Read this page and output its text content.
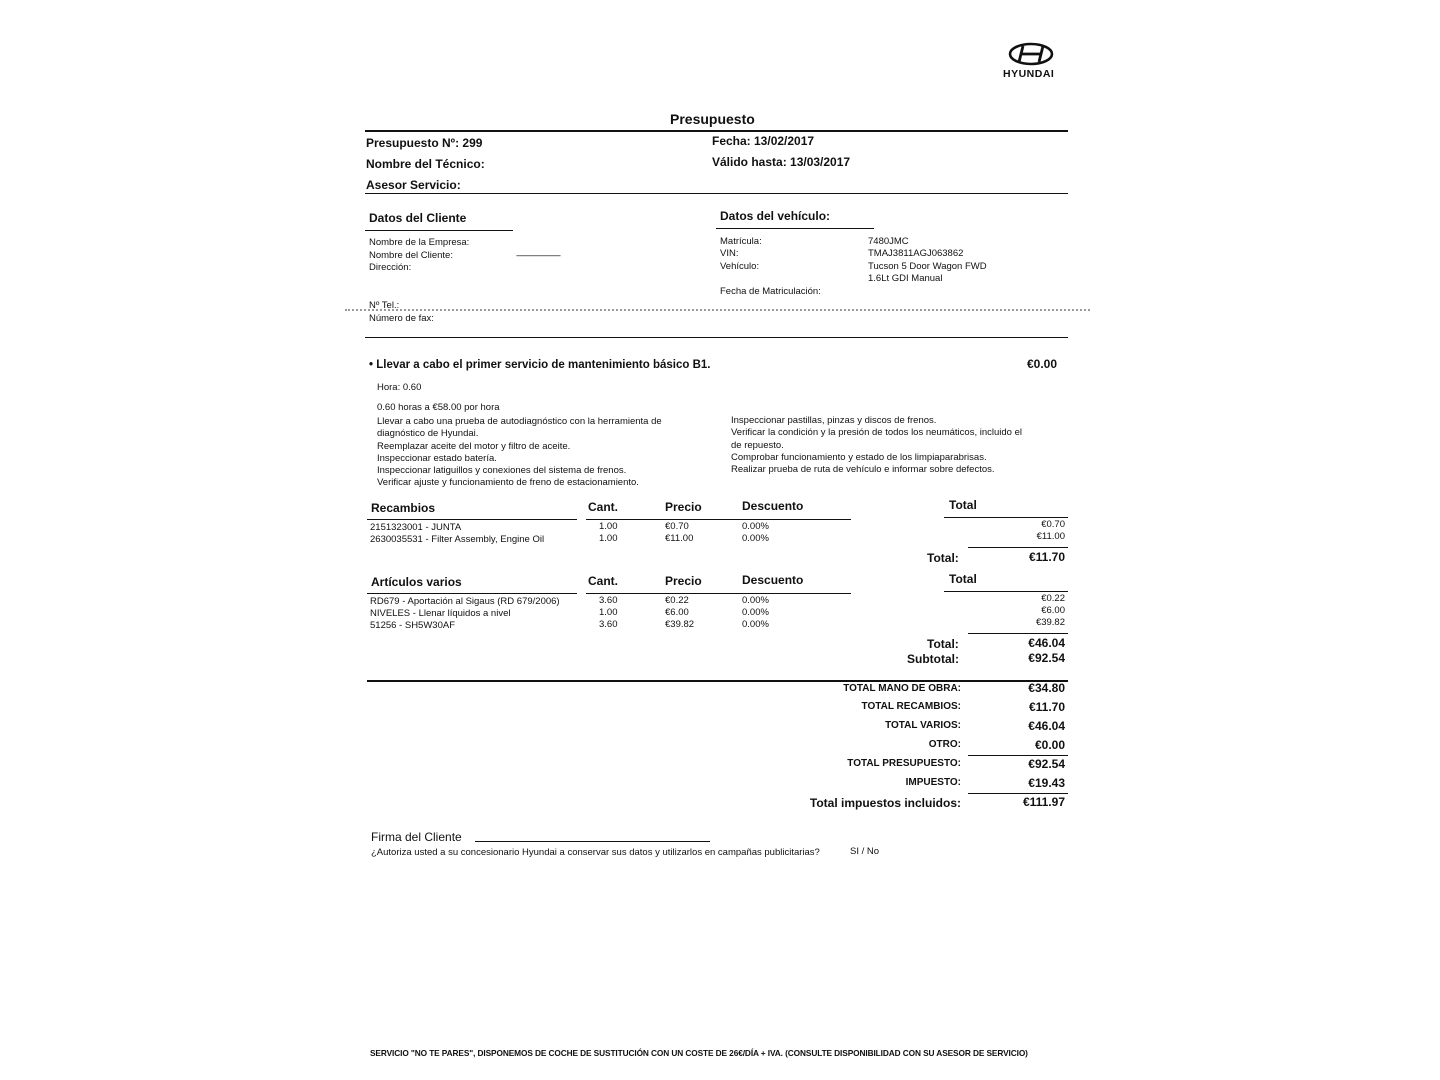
HYUNDAI
Presupuesto
Presupuesto Nº: 299
Nombre del Técnico:
Asesor Servicio:
Fecha: 13/02/2017
Válido hasta: 13/03/2017
Datos del Cliente
Nombre de la Empresa:
Nombre del Cliente:	------------------------
Dirección:
Nº Tel.:
Número de fax:
Datos del vehículo:
Matrícula:	7480JMC
VIN:	TMAJ3811AGJ063862
Vehículo:	Tucson 5 Door Wagon FWD
1.6Lt GDI Manual
Fecha de Matriculación:
• Llevar a cabo el primer servicio de mantenimiento básico B1.	€0.00
Hora: 0.60
0.60 horas a €58.00 por hora
Llevar a cabo una prueba de autodiagnóstico con la herramienta de
diagnóstico de Hyundai.
Reemplazar aceite del motor y filtro de aceite.
Inspeccionar estado batería.
Inspeccionar latiguillos y conexiones del sistema de frenos.
Verificar ajuste y funcionamiento de freno de estacionamiento.
Inspeccionar pastillas, pinzas y discos de frenos.
Verificar la condición y la presión de todos los neumáticos, incluido el
de repuesto.
Comprobar funcionamiento y estado de los limpiaparabrisas.
Realizar prueba de ruta de vehículo e informar sobre defectos.
Recambios	Cant.	Precio	Descuento	Total
2151323001 - JUNTA	1.00	€0.70	0.00%	€0.70
2630035531 - Filter Assembly, Engine Oil	1.00	€11.00	0.00%	€11.00
Total:	€11.70
Artículos varios	Cant.	Precio	Descuento	Total
RD679 - Aportación al Sigaus (RD 679/2006)	3.60	€0.22	0.00%	€0.22
NIVELES - Llenar líquidos a nivel	1.00	€6.00	0.00%	€6.00
51256 - SH5W30AF	3.60	€39.82	0.00%	€39.82
Total:	€46.04
Subtotal:	€92.54
TOTAL MANO DE OBRA:	€34.80
TOTAL RECAMBIOS:	€11.70
TOTAL VARIOS:	€46.04
OTRO:	€0.00
TOTAL PRESUPUESTO:	€92.54
IMPUESTO:	€19.43
Total impuestos incluidos:	€111.97
Firma del Cliente
¿Autoriza usted a su concesionario Hyundai a conservar sus datos y utilizarlos en campañas publicitarias?	SI / No
SERVICIO "NO TE PARES", DISPONEMOS DE COCHE DE SUSTITUCIÓN CON UN COSTE DE 26€/DÍA + IVA. (CONSULTE DISPONIBILIDAD CON SU ASESOR DE SERVICIO)
